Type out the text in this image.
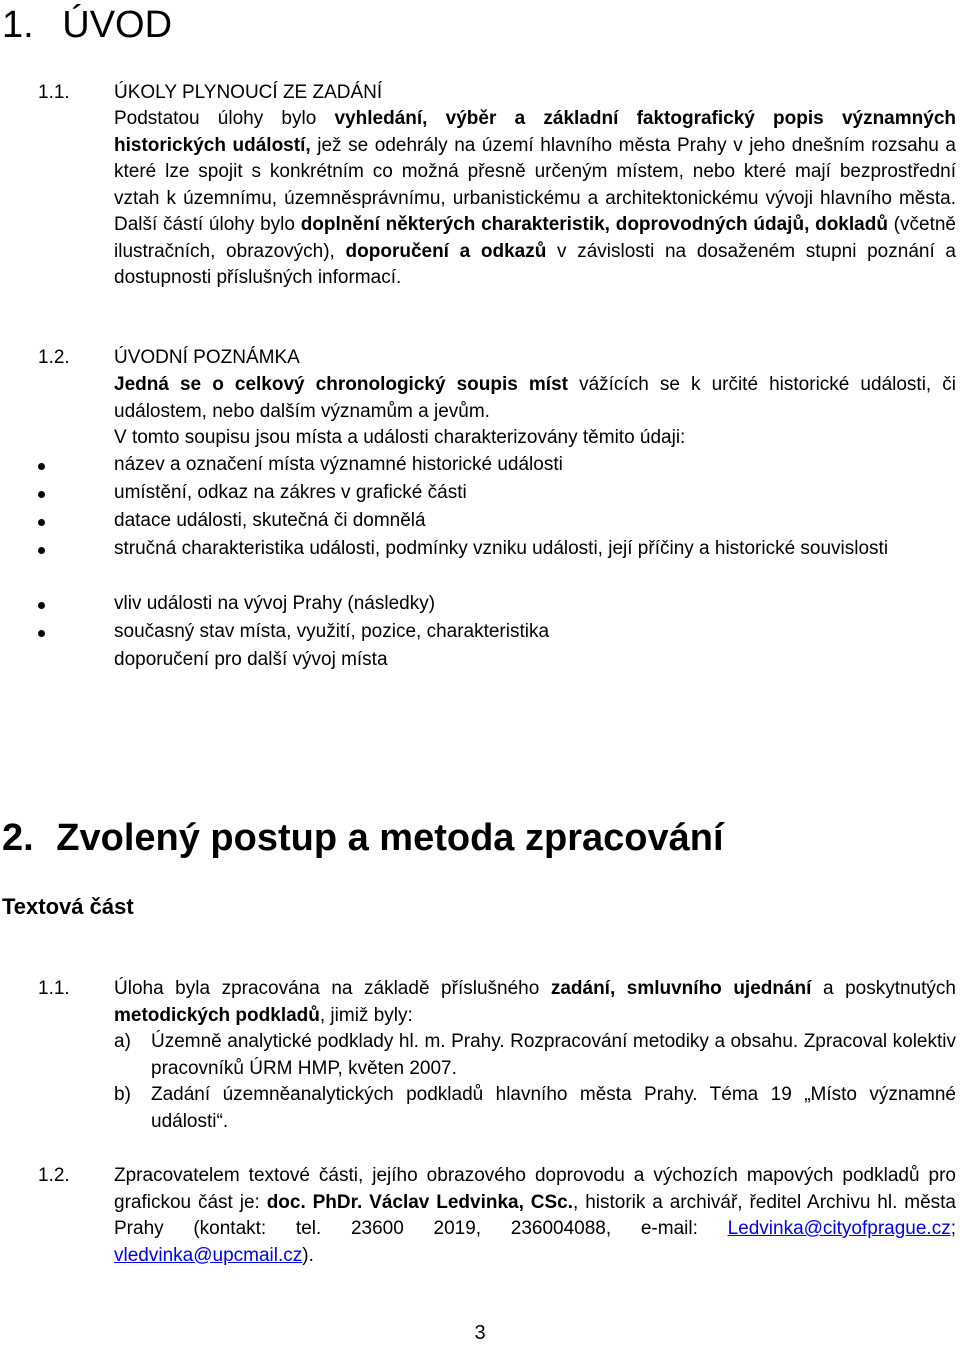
1. ÚVOD
1.1. ÚKOLY PLYNOUCÍ ZE ZADÁNÍ
Podstatou úlohy bylo vyhledání, výběr a základní faktografický popis významných historických událostí, jež se odehrály na území hlavního města Prahy v jeho dnešním rozsahu a které lze spojit s konkrétním co možná přesně určeným místem, nebo které mají bezprostřední vztah k územnímu, územněsprávnímu, urbanistickému a architektonickému vývoji hlavního města. Další částí úlohy bylo doplnění některých charakteristik, doprovodných údajů, dokladů (včetně ilustračních, obrazových), doporučení a odkazů v závislosti na dosaženém stupni poznání a dostupnosti příslušných informací.
1.2. ÚVODNÍ POZNÁMKA
Jedná se o celkový chronologický soupis míst vážících se k určité historické události, či událostem, nebo dalším významům a jevům.
V tomto soupisu jsou místa a události charakterizovány těmito údaji:
název a označení místa významné historické události
umístění, odkaz na zákres v grafické části
datace události, skutečná či domnělá
stručná charakteristika události, podmínky vzniku události, její příčiny a historické souvislosti
vliv události na vývoj Prahy (následky)
současný stav místa, využití, pozice, charakteristika
doporučení pro další vývoj místa
2. Zvolený postup a metoda zpracování
Textová část
1.1. Úloha byla zpracována na základě příslušného zadání, smluvního ujednání a poskytnutých metodických podkladů, jimiž byly:
a) Územně analytické podklady hl. m. Prahy. Rozpracování metodiky a obsahu. Zpracoval kolektiv pracovníků ÚRM HMP, květen 2007.
b) Zadání územněanalytických podkladů hlavního města Prahy. Téma 19 „Místo významné události“.
1.2. Zpracovatelem textové části, jejího obrazového doprovodu a výchozích mapových podkladů pro grafickou část je: doc. PhDr. Václav Ledvinka, CSc., historik a archivář, ředitel Archivu hl. města Prahy (kontakt: tel. 23600 2019, 236004088, e-mail: Ledvinka@cityofprague.cz; vledvinka@upcmail.cz).
3
